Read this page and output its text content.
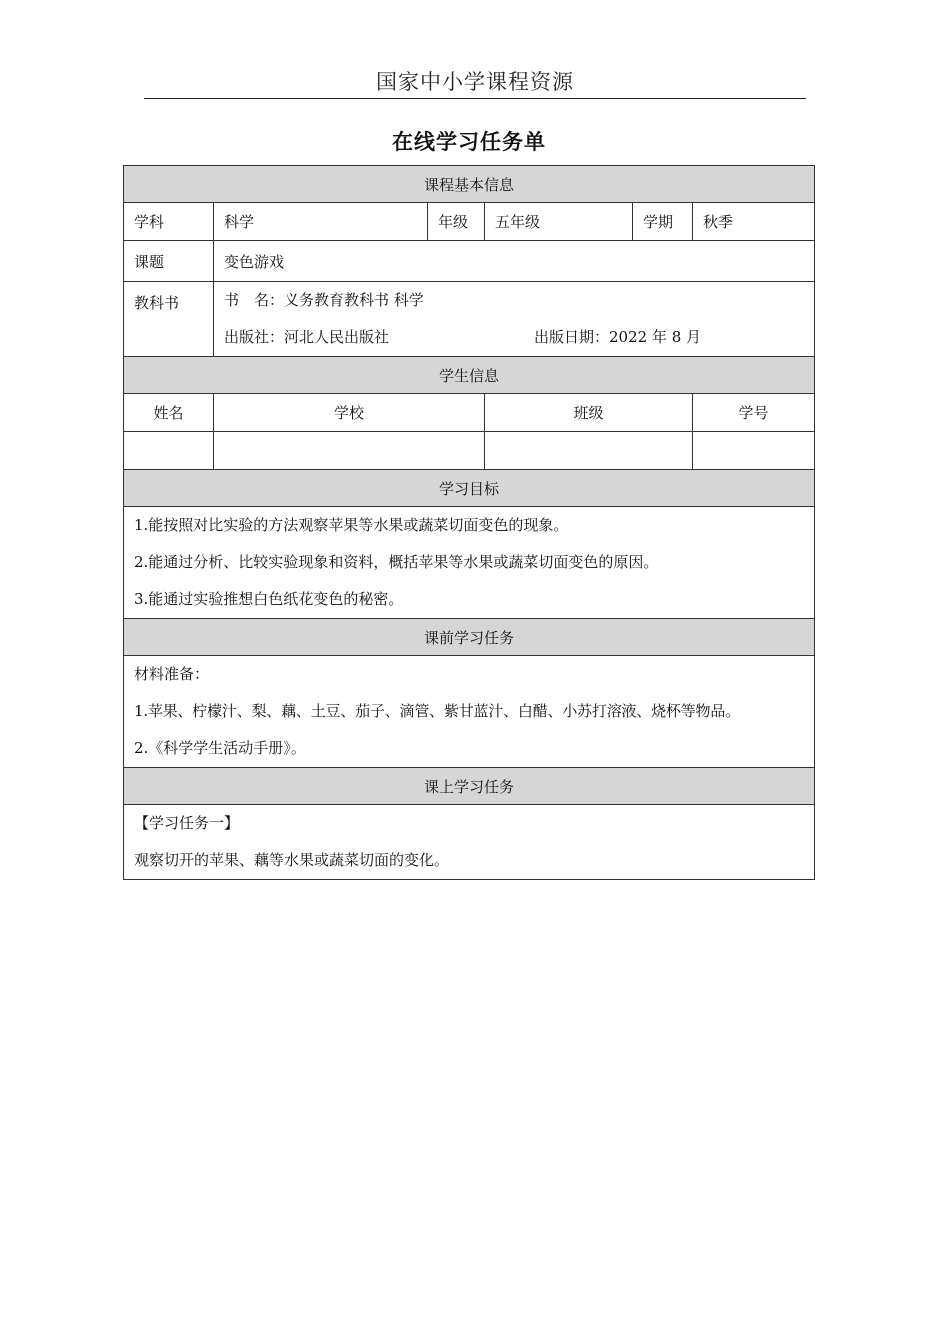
国家中小学课程资源
在线学习任务单
课程基本信息					
学科	科学	年级	五年级	学期	秋季
课题	变色游戏				
教科书	书　名：义务教育教科书 科学
出版社：河北人民出版社 出版日期：2022 年 8 月				

学生信息					
姓名	学校		班级		学号

学习目标					

1.能按照对比实验的方法观察苹果等水果或蔬菜切面变色的现象。
2.能通过分析、比较实验现象和资料，概括苹果等水果或蔬菜切面变色的原因。
3.能通过实验推想白色纸花变色的秘密。					

课前学习任务					

材料准备：
1.苹果、柠檬汁、梨、藕、土豆、茄子、滴管、紫甘蓝汁、白醋、小苏打溶液、烧杯等物品。
2.《科学学生活动手册》。					

课上学习任务					

【学习任务一】
观察切开的苹果、藕等水果或蔬菜切面的变化。					
